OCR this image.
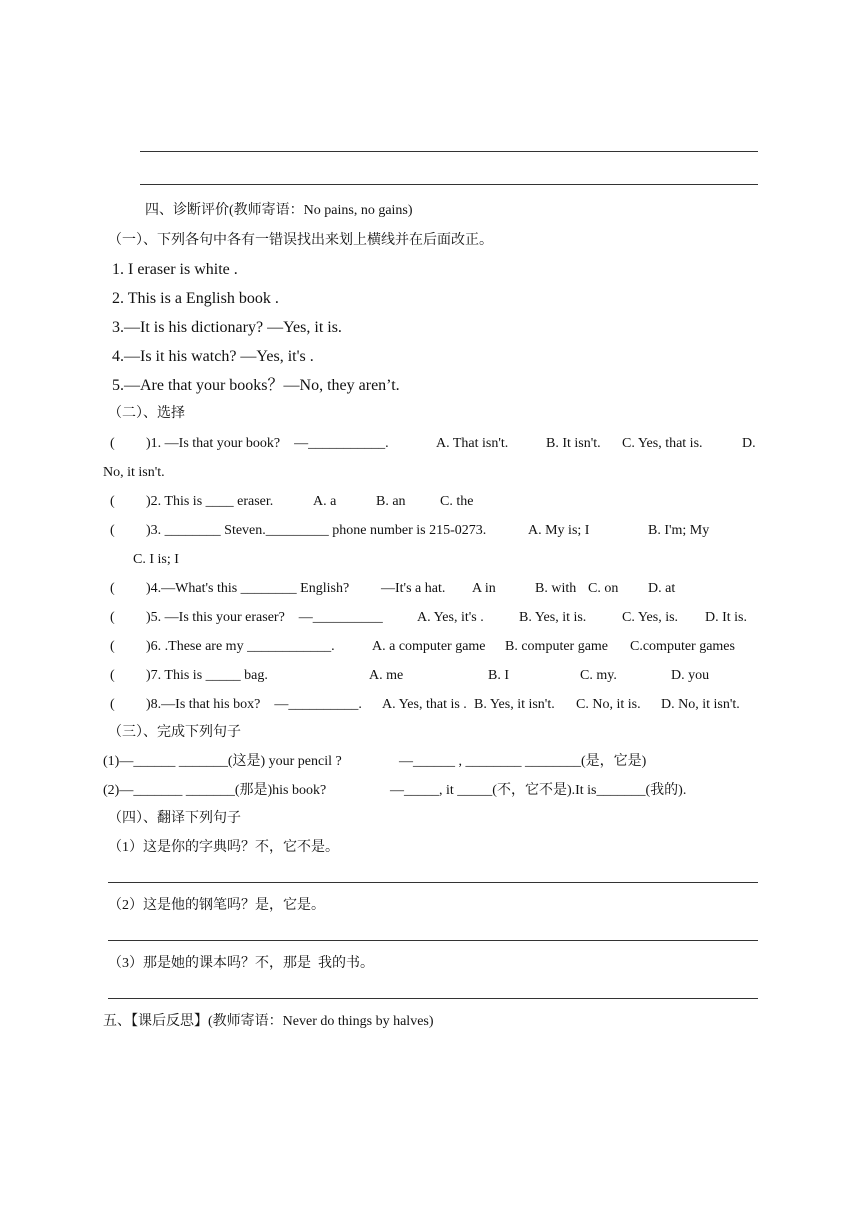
四、诊断评价(教师寄语：No pains, no gains)
（一）、下列各句中各有一错误找出来划上横线并在后面改正。
1. I eraser is white .
2. This is a English book .
3.—It is his dictionary? —Yes, it is.
4.—Is it his watch? —Yes, it's .
5.—Are that your books？—No, they aren’t.
（二）、选择
( )1. —Is that your book?    —___________.	A. That isn't.	B. It isn't. C. Yes, that is.	D.
No, it isn't.
( )2. This is ____ eraser.	A. a	B. an C. the
( )3. ________ Steven._________ phone number is 215-0273.	A. My is; I	B. I'm; My
C. I is; I
( )4.—What's this ________ English? —It's a hat. A in	B. with C. on D. at
( )5. —Is this your eraser?    —__________ A. Yes, it's .	B. Yes, it is.	C. Yes, is. D. It is.
( )6. .These are my ____________.	A. a computer game B. computer game C.computer games
( )7. This is _____ bag.	A. me	B. I	C. my.	D. you
( )8.—Is that his box?    —__________. A. Yes, that is . B. Yes, it isn't. C. No, it is. D. No, it isn't.
（三）、完成下列句子
(1)—______ _______(这是) your pencil ?	—______ , ________ ________(是，它是)
(2)—_______ _______(那是)his book?	—_____, it _____(不，它不是).It is_______(我的).
（四）、翻译下列句子
（1）这是你的字典吗？不，它不是。
（2）这是他的钢笔吗？是，它是。
（3）那是她的课本吗？不，那是  我的书。
五、【课后反思】(教师寄语：Never do things by halves)
